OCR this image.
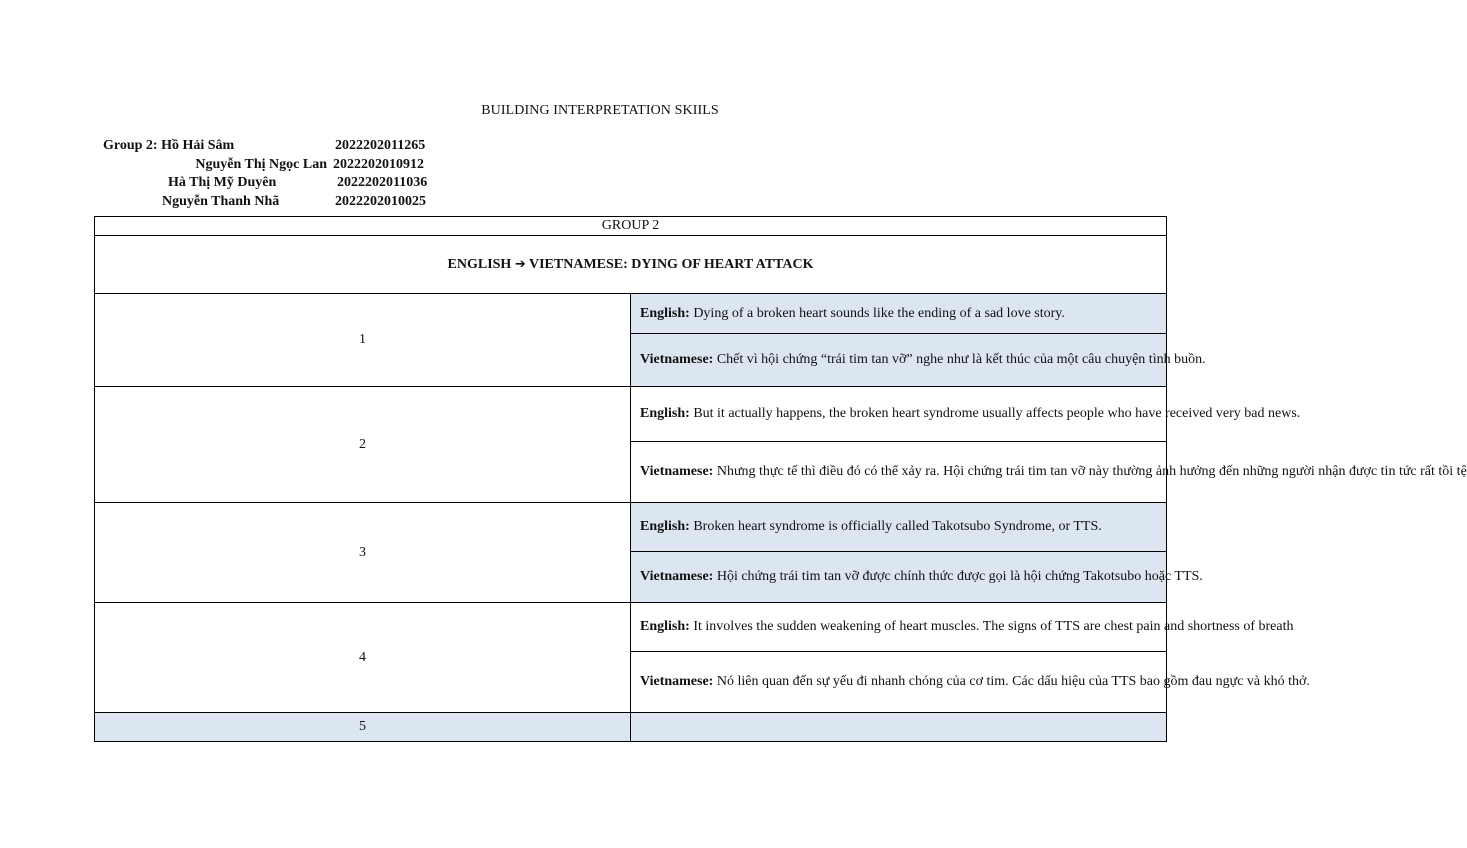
BUILDING INTERPRETATION SKIILS
Group 2: Hồ Hải Sâm	2022202011265
Nguyễn Thị Ngọc Lan 2022202010912
Hà Thị Mỹ Duyên	2022202011036
Nguyễn Thanh Nhã	2022202010025
GROUP 2	
ENGLISH ➔ VIETNAMESE: DYING OF HEART ATTACK	
1	English: Dying of a broken heart sounds like the ending of a sad love story.

	Vietnamese: Chết vì hội chứng “trái tim tan vỡ” nghe như là kết thúc của một câu chuyện tình buồn.

2	English: But it actually happens, the broken heart syndrome usually affects people who have received very bad news.

	Vietnamese: Nhưng thực tế thì điều đó có thể xảy ra. Hội chứng trái tim tan vỡ này thường ảnh hưởng đến những người nhận được tin tức rất tồi tệ

3	English: Broken heart syndrome is officially called Takotsubo Syndrome, or TTS.

	Vietnamese: Hội chứng trái tim tan vỡ được chính thức được gọi là hội chứng Takotsubo hoặc TTS.

4	English: It involves the sudden weakening of heart muscles. The signs of TTS are chest pain and shortness of breath

	Vietnamese: Nó liên quan đến sự yếu đi nhanh chóng của cơ tim. Các dấu hiệu của TTS bao gồm đau ngực và khó thở.

5	
